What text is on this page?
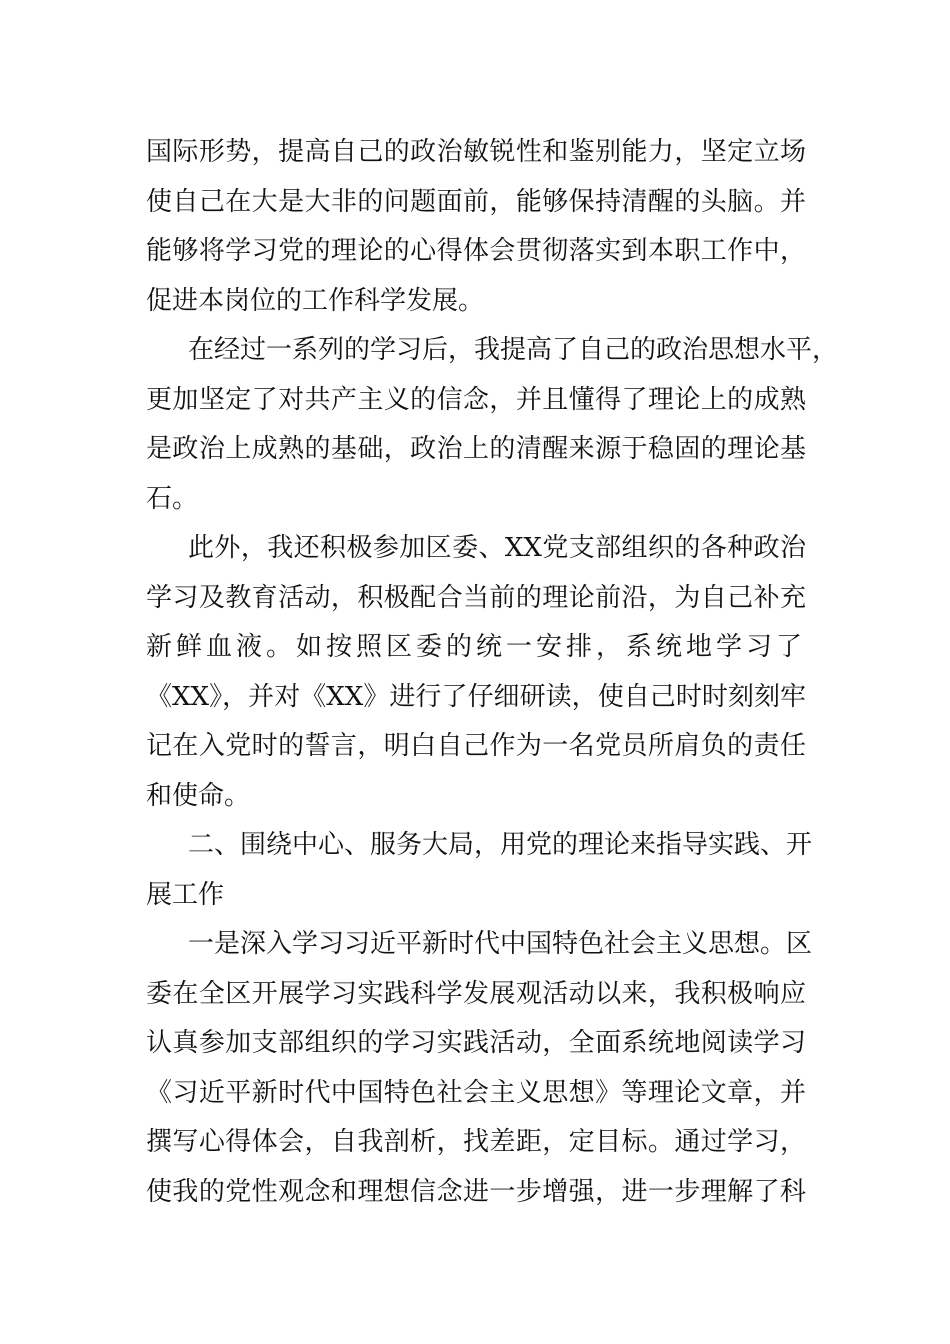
国际形势，提高自己的政治敏锐性和鉴别能力，坚定立场
使自己在大是大非的问题面前，能够保持清醒的头脑。并
能够将学习党的理论的心得体会贯彻落实到本职工作中，
促进本岗位的工作科学发展。
在经过一系列的学习后，我提高了自己的政治思想水平，
更加坚定了对共产主义的信念，并且懂得了理论上的成熟
是政治上成熟的基础，政治上的清醒来源于稳固的理论基
石。
此外，我还积极参加区委、XX党支部组织的各种政治
学习及教育活动，积极配合当前的理论前沿，为自己补充
新鲜血液。如按照区委的统一安排，系统地学习了
《XX》，并对《XX》进行了仔细研读，使自己时时刻刻牢
记在入党时的誓言，明白自己作为一名党员所肩负的责任
和使命。
二、围绕中心、服务大局，用党的理论来指导实践、开
展工作
一是深入学习习近平新时代中国特色社会主义思想。区
委在全区开展学习实践科学发展观活动以来，我积极响应
认真参加支部组织的学习实践活动，全面系统地阅读学习
《习近平新时代中国特色社会主义思想》等理论文章，并
撰写心得体会，自我剖析，找差距，定目标。通过学习，
使我的党性观念和理想信念进一步增强，进一步理解了科
